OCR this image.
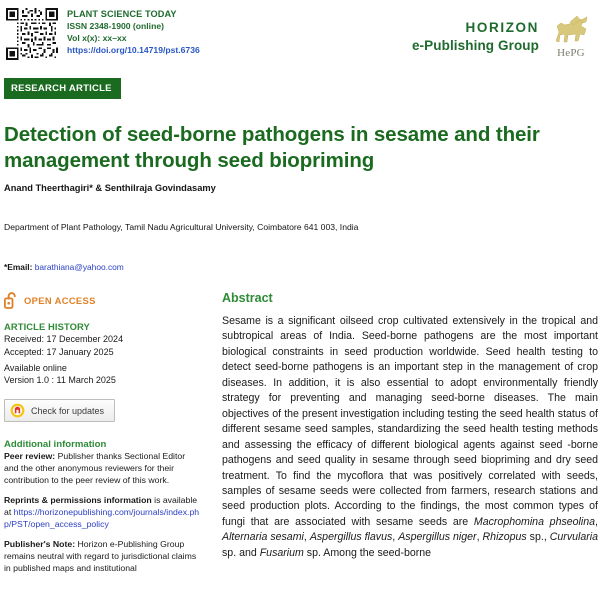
PLANT SCIENCE TODAY
ISSN 2348-1900 (online)
Vol x(x): xx–xx
https://doi.org/10.14719/pst.6736
HORIZON
e-Publishing Group
HePG
RESEARCH ARTICLE
Detection of seed-borne pathogens in sesame and their management through seed biopriming
Anand Theerthagiri* & Senthilraja Govindasamy
Department of Plant Pathology, Tamil Nadu Agricultural University, Coimbatore 641 003, India
*Email: barathiana@yahoo.com
OPEN ACCESS
ARTICLE HISTORY
Received: 17 December 2024
Accepted: 17 January 2025
Available online
Version 1.0 : 11 March 2025
Check for updates
Additional information
Peer review: Publisher thanks Sectional Editor and the other anonymous reviewers for their contribution to the peer review of this work.
Reprints & permissions information is available at https://horizonepublishing.com/journals/index.php/PST/open_access_policy
Publisher's Note: Horizon e-Publishing Group remains neutral with regard to jurisdictional claims in published maps and institutional
Abstract
Sesame is a significant oilseed crop cultivated extensively in the tropical and subtropical areas of India. Seed-borne pathogens are the most important biological constraints in seed production worldwide. Seed health testing to detect seed-borne pathogens is an important step in the management of crop diseases. In addition, it is also essential to adopt environmentally friendly strategy for preventing and managing seed-borne diseases. The main objectives of the present investigation including testing the seed health status of different sesame seed samples, standardizing the seed health testing methods and assessing the efficacy of different biological agents against seed -borne pathogens and seed quality in sesame through seed biopriming and dry seed treatment. To find the mycoflora that was positively correlated with seeds, samples of sesame seeds were collected from farmers, research stations and seed production plots. According to the findings, the most common types of fungi that are associated with sesame seeds are Macrophomina phseolina, Alternaria sesami, Aspergillus flavus, Aspergillus niger, Rhizopus sp., Curvularia sp. and Fusarium sp. Among the seed-borne
